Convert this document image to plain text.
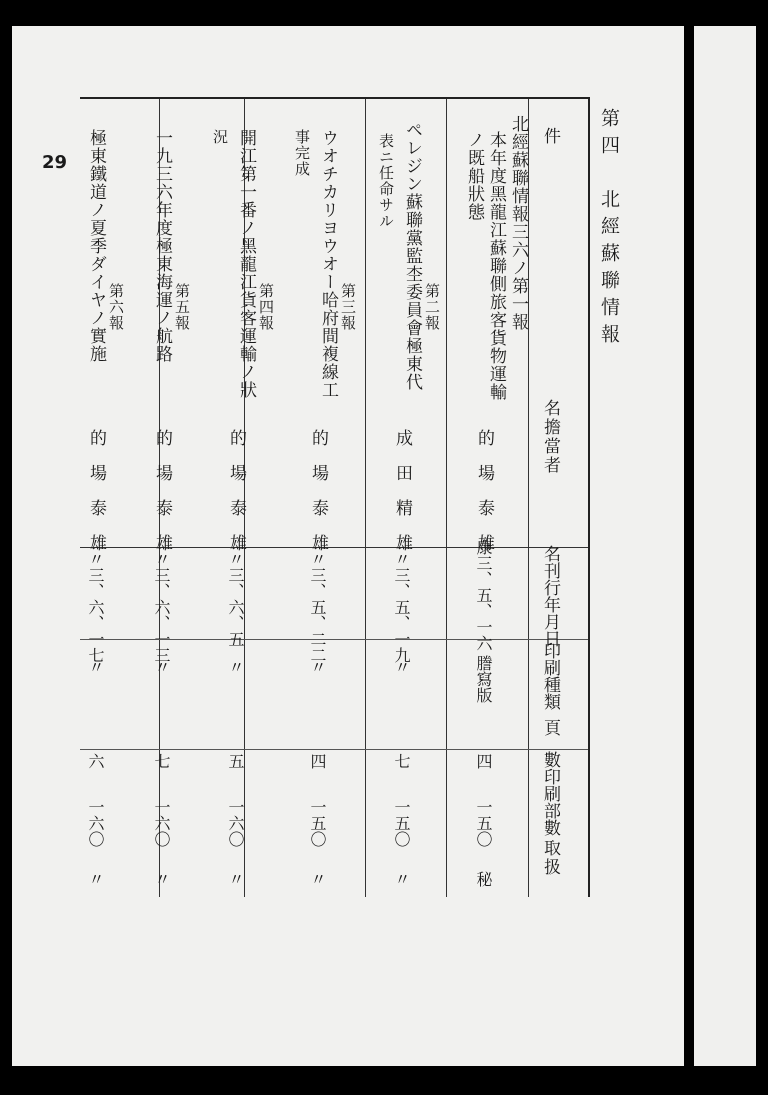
29	第四　北經蘇聯情報
件
名擔當者
名刊行年月日
印刷種類
頁
數印刷部數
取扱
北經蘇聯情報三六ノ第一報
本年度黑龍江蘇聯側旅客貨物運輸
ノ既船狀態
的場泰雄
康三、五、一六
謄寫版
四
一五〇
秘
第二報
ペレジン蘇聯黨監杢委員會極東代
表ニ任命サル
成田精雄
〃三、五、一九
〃
七
一五〇
〃
第三報
ウオチカリヨウオー哈府間複線工
事完成
的場泰雄
〃三、五、二二
〃
四
一五〇
〃
第四報
開江第一番ノ黑龍江貨客運輸ノ狀
況
的場泰雄
〃三、六、五
〃
五
一六〇
〃
第五報
一九三六年度極東海運ノ航路
的場泰雄
〃三、六、一三
〃
七
一六〇
〃
第六報
極東鐵道ノ夏季ダイヤノ實施
的場泰雄
〃三、六、一七
〃
六
一六〇
〃
